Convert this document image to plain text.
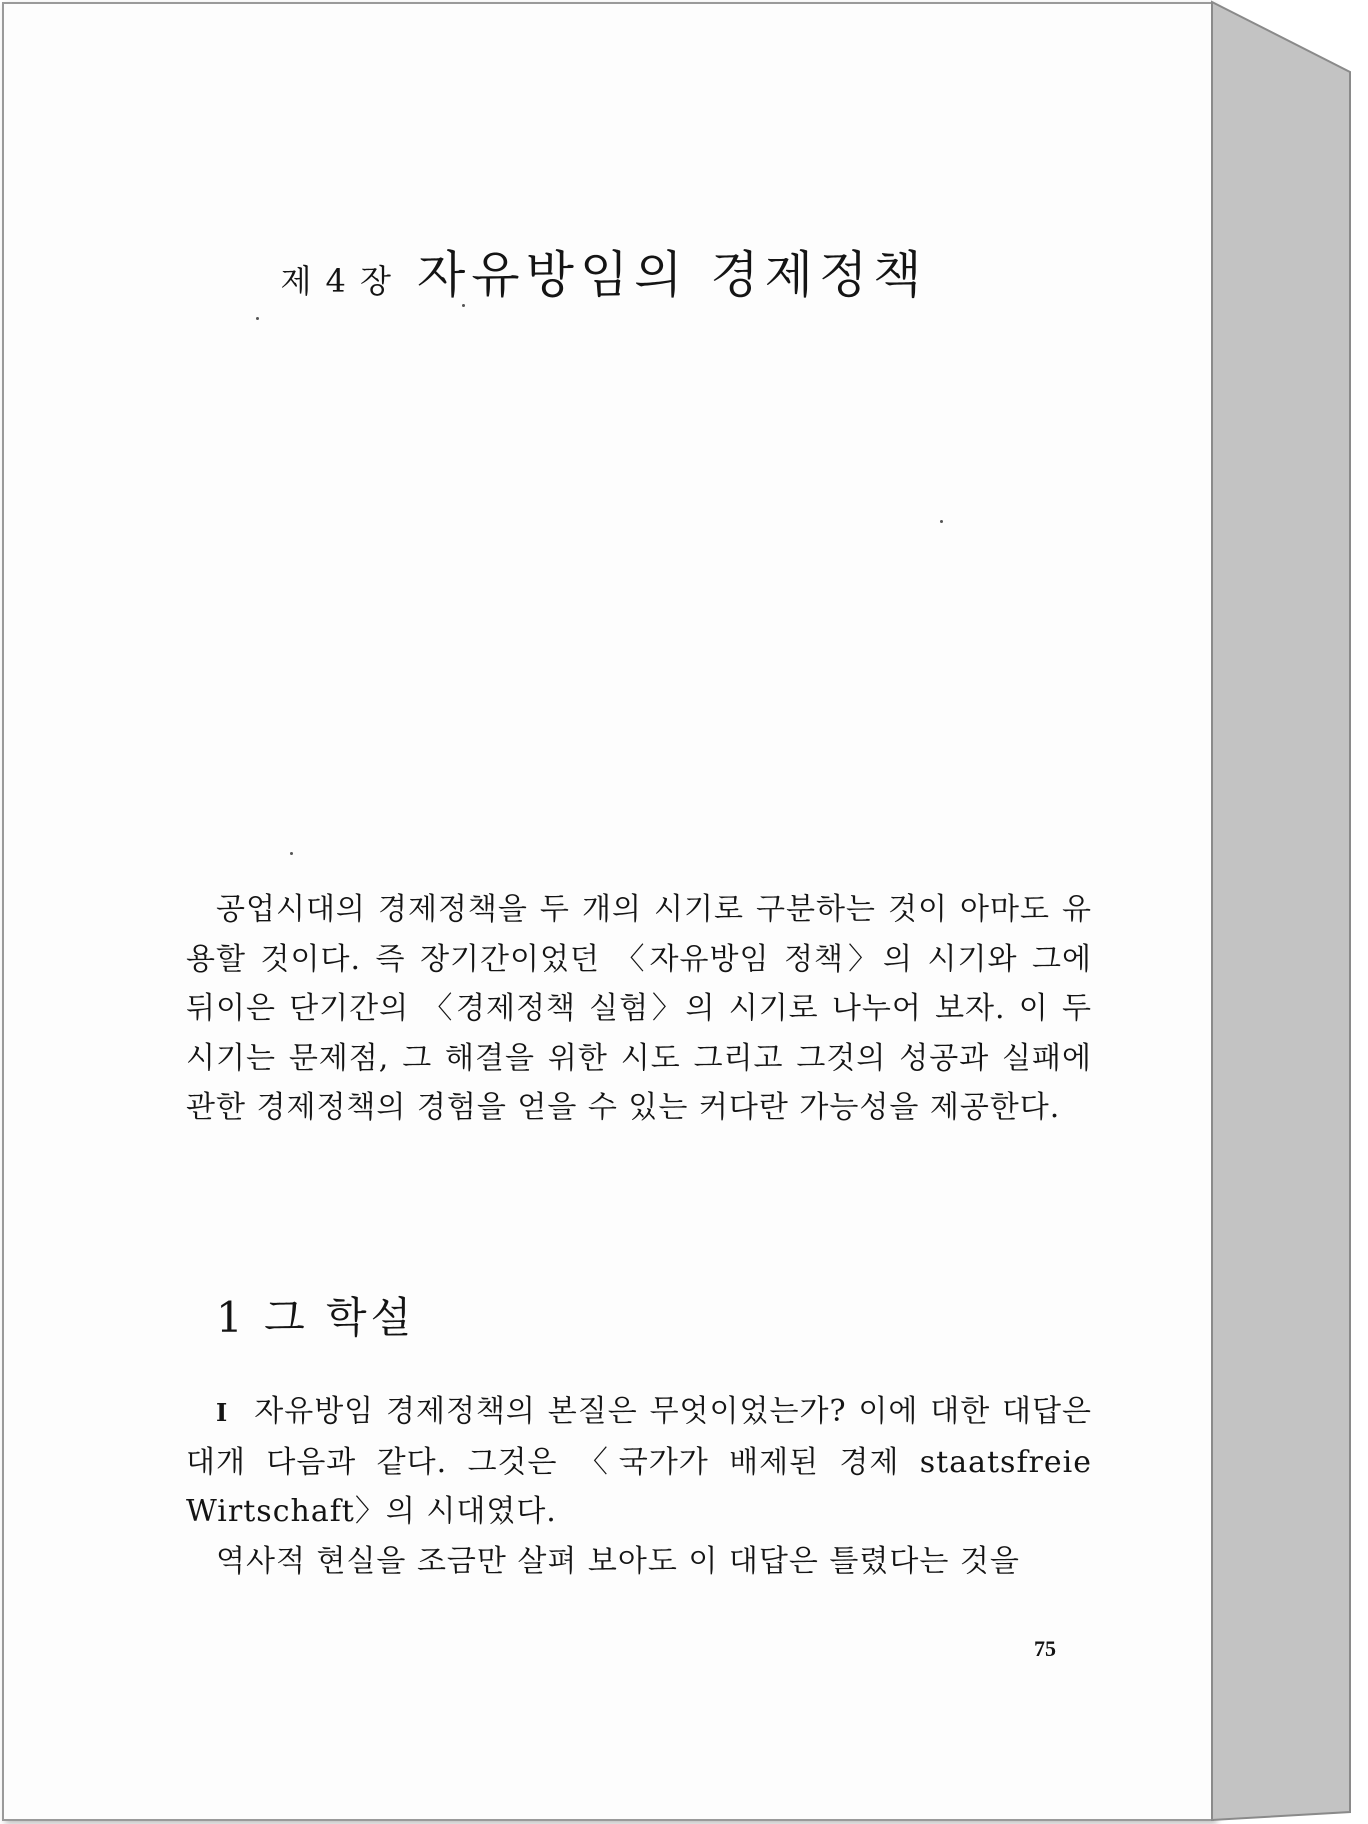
제 4 장 자유방임의 경제정책

공업시대의 경제정책을 두 개의 시기로 구분하는 것이 아마도 유용할 것이다. 즉 장기간이었던 〈자유방임 정책〉의 시기와 그에 뒤이은 단기간의 〈경제정책 실험〉의 시기로 나누어 보자. 이 두 시기는 문제점, 그 해결을 위한 시도 그리고 그것의 성공과 실패에 관한 경제정책의 경험을 얻을 수 있는 커다란 가능성을 제공한다.

1 그 학설

I 자유방임 경제정책의 본질은 무엇이었는가? 이에 대한 대답은 대개 다음과 같다. 그것은 〈국가가 배제된 경제 staatsfreie Wirtschaft〉의 시대였다.

역사적 현실을 조금만 살펴 보아도 이 대답은 틀렸다는 것을

75
